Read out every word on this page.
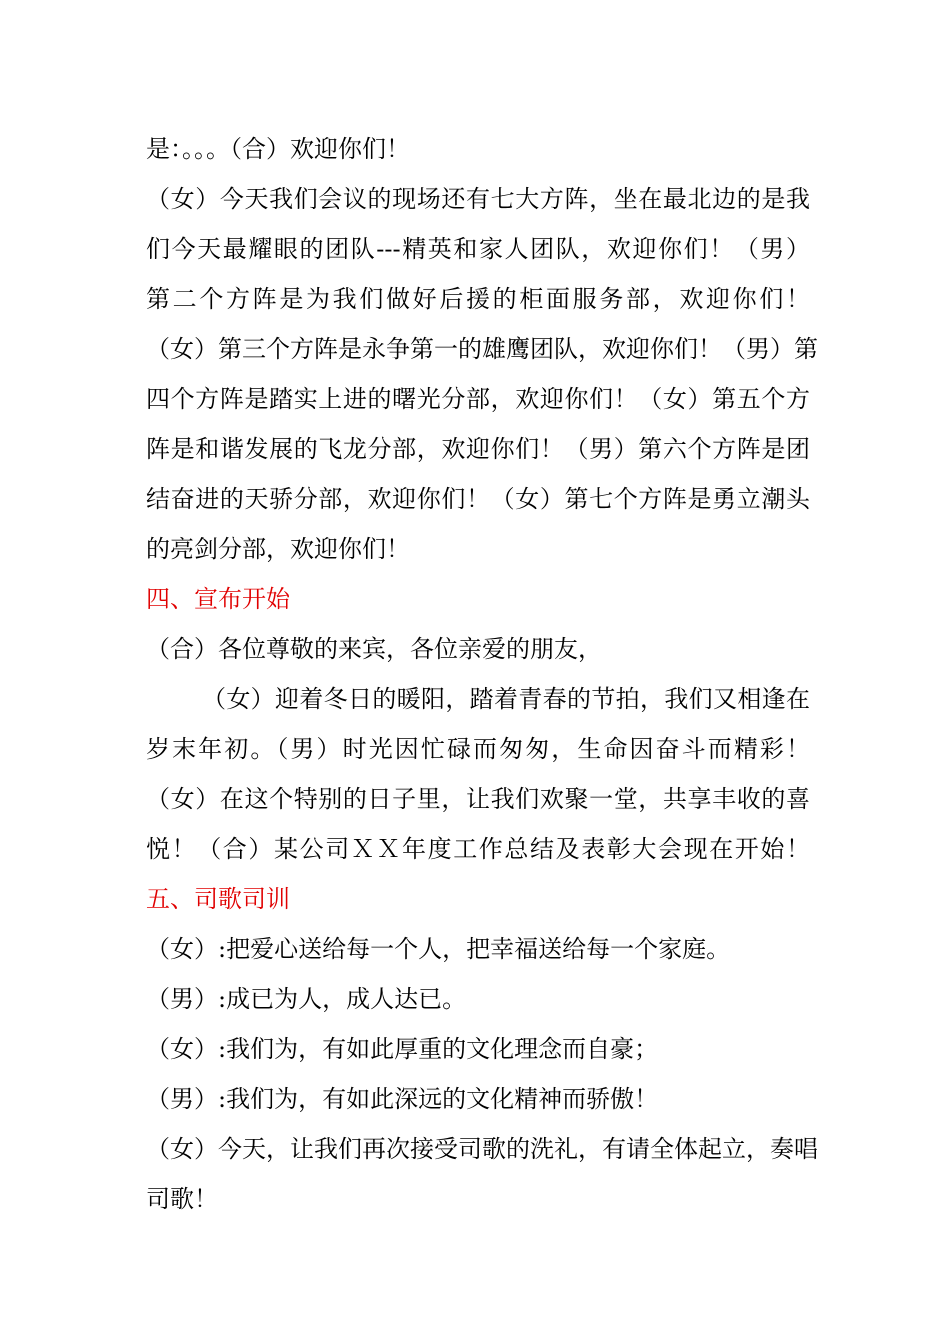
是：。。。（合）欢迎你们！
（女）今天我们会议的现场还有七大方阵，坐在最北边的是我
们今天最耀眼的团队---精英和家人团队，欢迎你们！（男）
第二个方阵是为我们做好后援的柜面服务部，欢迎你们！
（女）第三个方阵是永争第一的雄鹰团队，欢迎你们！（男）第
四个方阵是踏实上进的曙光分部，欢迎你们！（女）第五个方
阵是和谐发展的飞龙分部，欢迎你们！（男）第六个方阵是团
结奋进的天骄分部，欢迎你们！（女）第七个方阵是勇立潮头
的亮剑分部，欢迎你们！
四、宣布开始
（合）各位尊敬的来宾，各位亲爱的朋友，
（女）迎着冬日的暖阳，踏着青春的节拍，我们又相逢在
岁末年初。（男）时光因忙碌而匆匆，生命因奋斗而精彩！
（女）在这个特别的日子里，让我们欢聚一堂，共享丰收的喜
悦！（合）某公司ＸＸ年度工作总结及表彰大会现在开始！
五、司歌司训
（女）:把爱心送给每一个人，把幸福送给每一个家庭。
（男）:成已为人，成人达已。
（女）:我们为，有如此厚重的文化理念而自豪；
（男）:我们为，有如此深远的文化精神而骄傲！
（女）今天，让我们再次接受司歌的洗礼，有请全体起立，奏唱
司歌！
